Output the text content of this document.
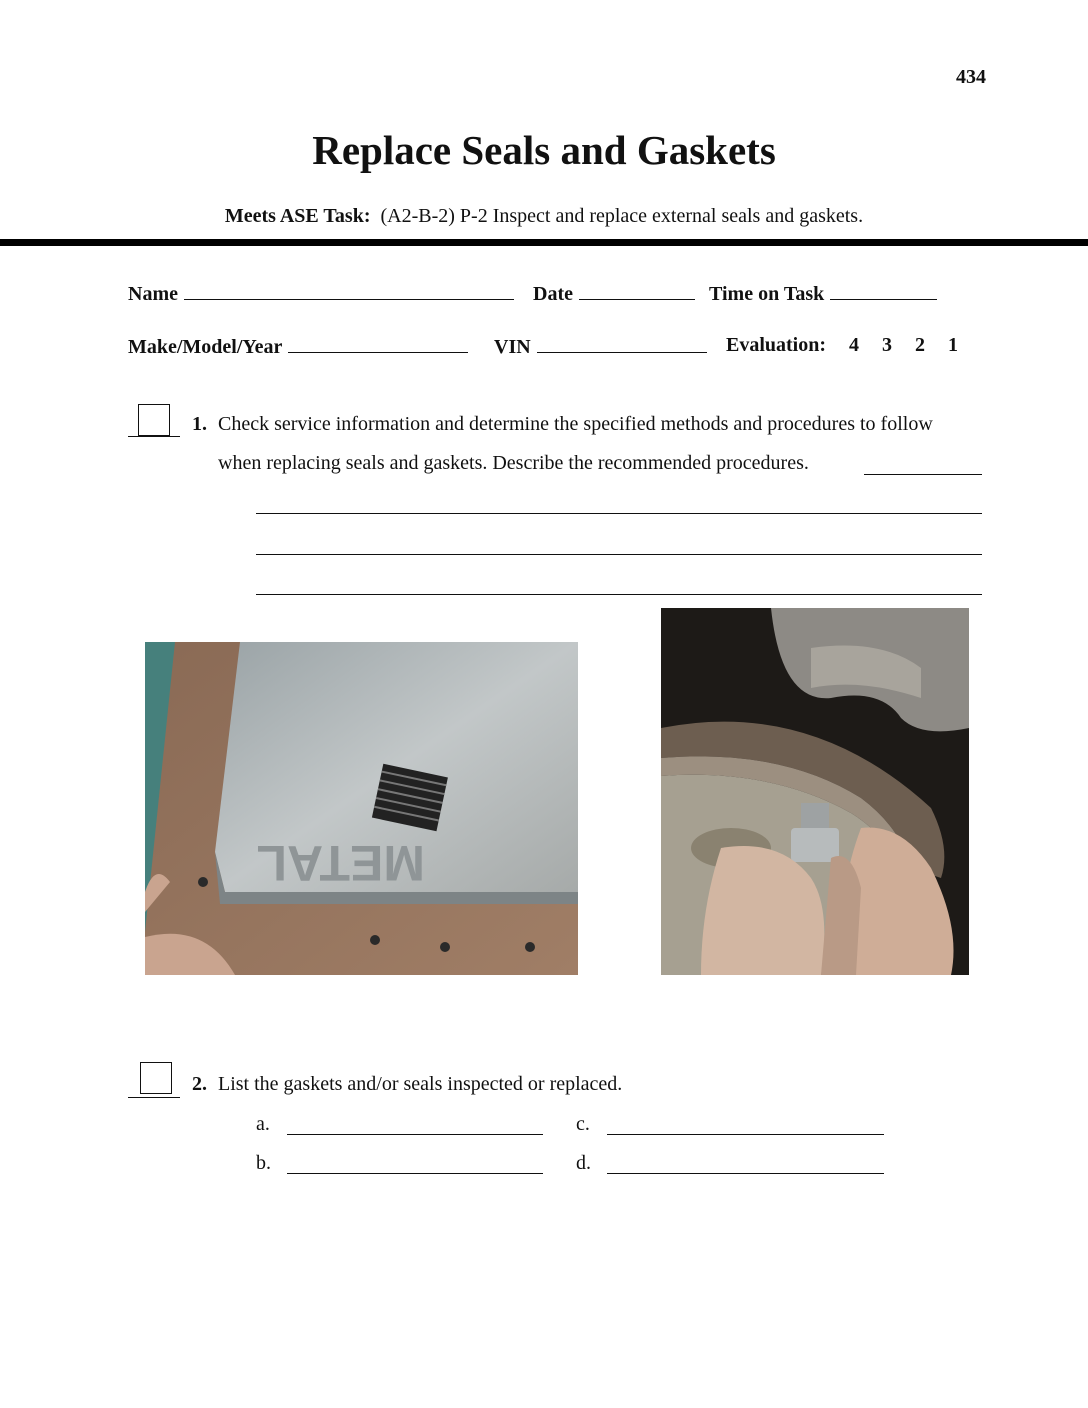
434
Replace Seals and Gaskets
Meets ASE Task: (A2-B-2) P-2 Inspect and replace external seals and gaskets.
Name	Date	Time on Task
Make/Model/Year	VIN	Evaluation: 4 3 2 1
1. Check service information and determine the specified methods and procedures to follow
when replacing seals and gaskets. Describe the recommended procedures.
METAL
2. List the gaskets and/or seals inspected or replaced.
a.
b.
c.
d.
